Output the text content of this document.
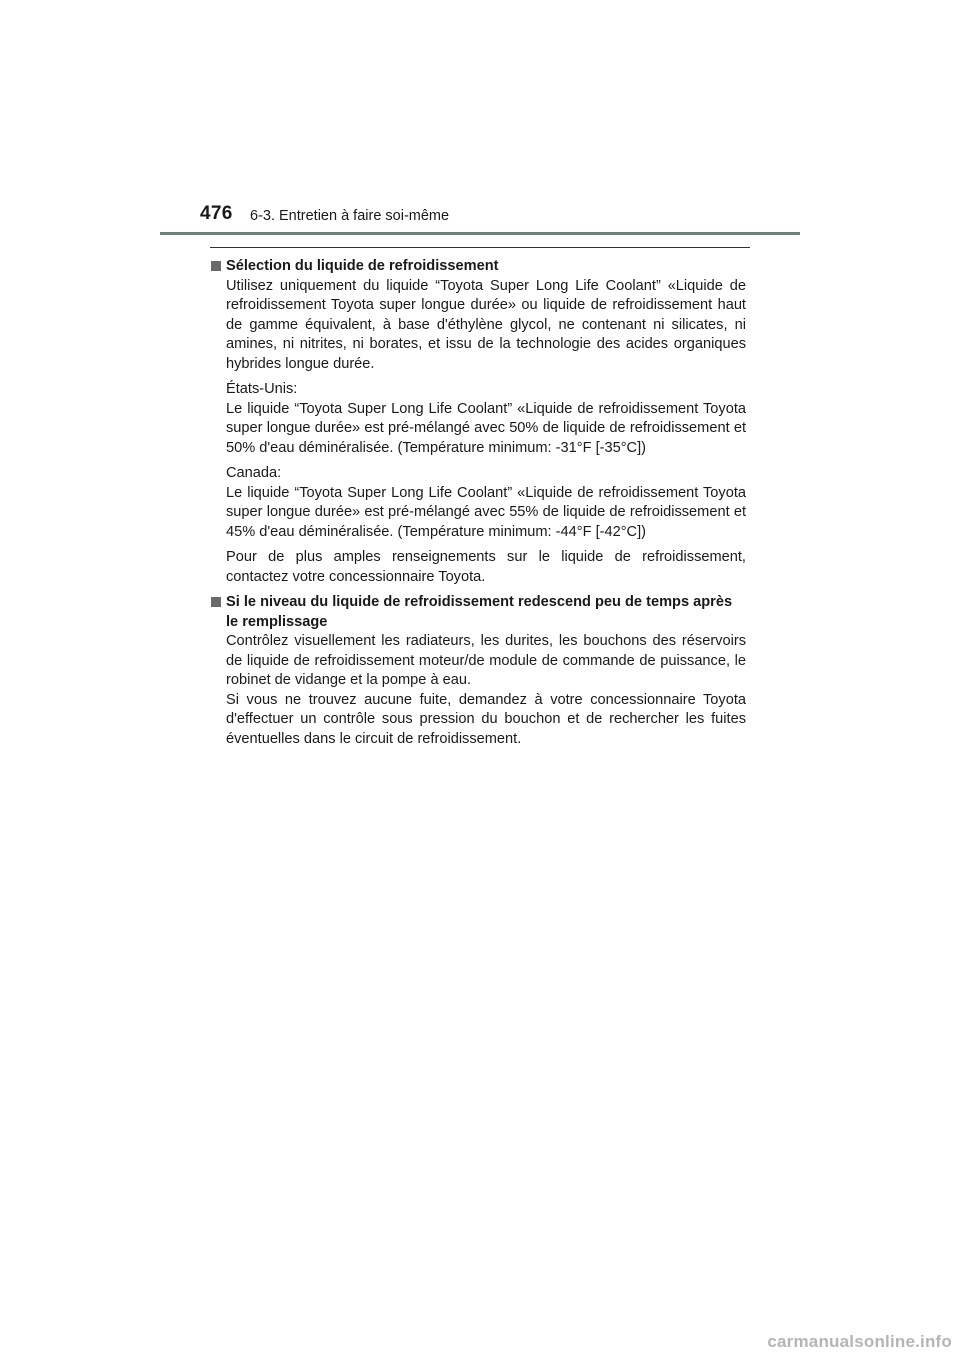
476 6-3. Entretien à faire soi-même
Sélection du liquide de refroidissement

Utilisez uniquement du liquide “Toyota Super Long Life Coolant” «Liquide de refroidissement Toyota super longue durée» ou liquide de refroidissement haut de gamme équivalent, à base d'éthylène glycol, ne contenant ni silicates, ni amines, ni nitrites, ni borates, et issu de la technologie des acides organiques hybrides longue durée.

États-Unis:
Le liquide “Toyota Super Long Life Coolant” «Liquide de refroidissement Toyota super longue durée» est pré-mélangé avec 50% de liquide de refroidissement et 50% d'eau déminéralisée. (Température minimum: -31°F [-35°C])

Canada:
Le liquide “Toyota Super Long Life Coolant” «Liquide de refroidissement Toyota super longue durée» est pré-mélangé avec 55% de liquide de refroidissement et 45% d'eau déminéralisée. (Température minimum: -44°F [-42°C])

Pour de plus amples renseignements sur le liquide de refroidissement, contactez votre concessionnaire Toyota.

Si le niveau du liquide de refroidissement redescend peu de temps après le remplissage

Contrôlez visuellement les radiateurs, les durites, les bouchons des réservoirs de liquide de refroidissement moteur/de module de commande de puissance, le robinet de vidange et la pompe à eau.
Si vous ne trouvez aucune fuite, demandez à votre concessionnaire Toyota d'effectuer un contrôle sous pression du bouchon et de rechercher les fuites éventuelles dans le circuit de refroidissement.

carmanualsonline.info
